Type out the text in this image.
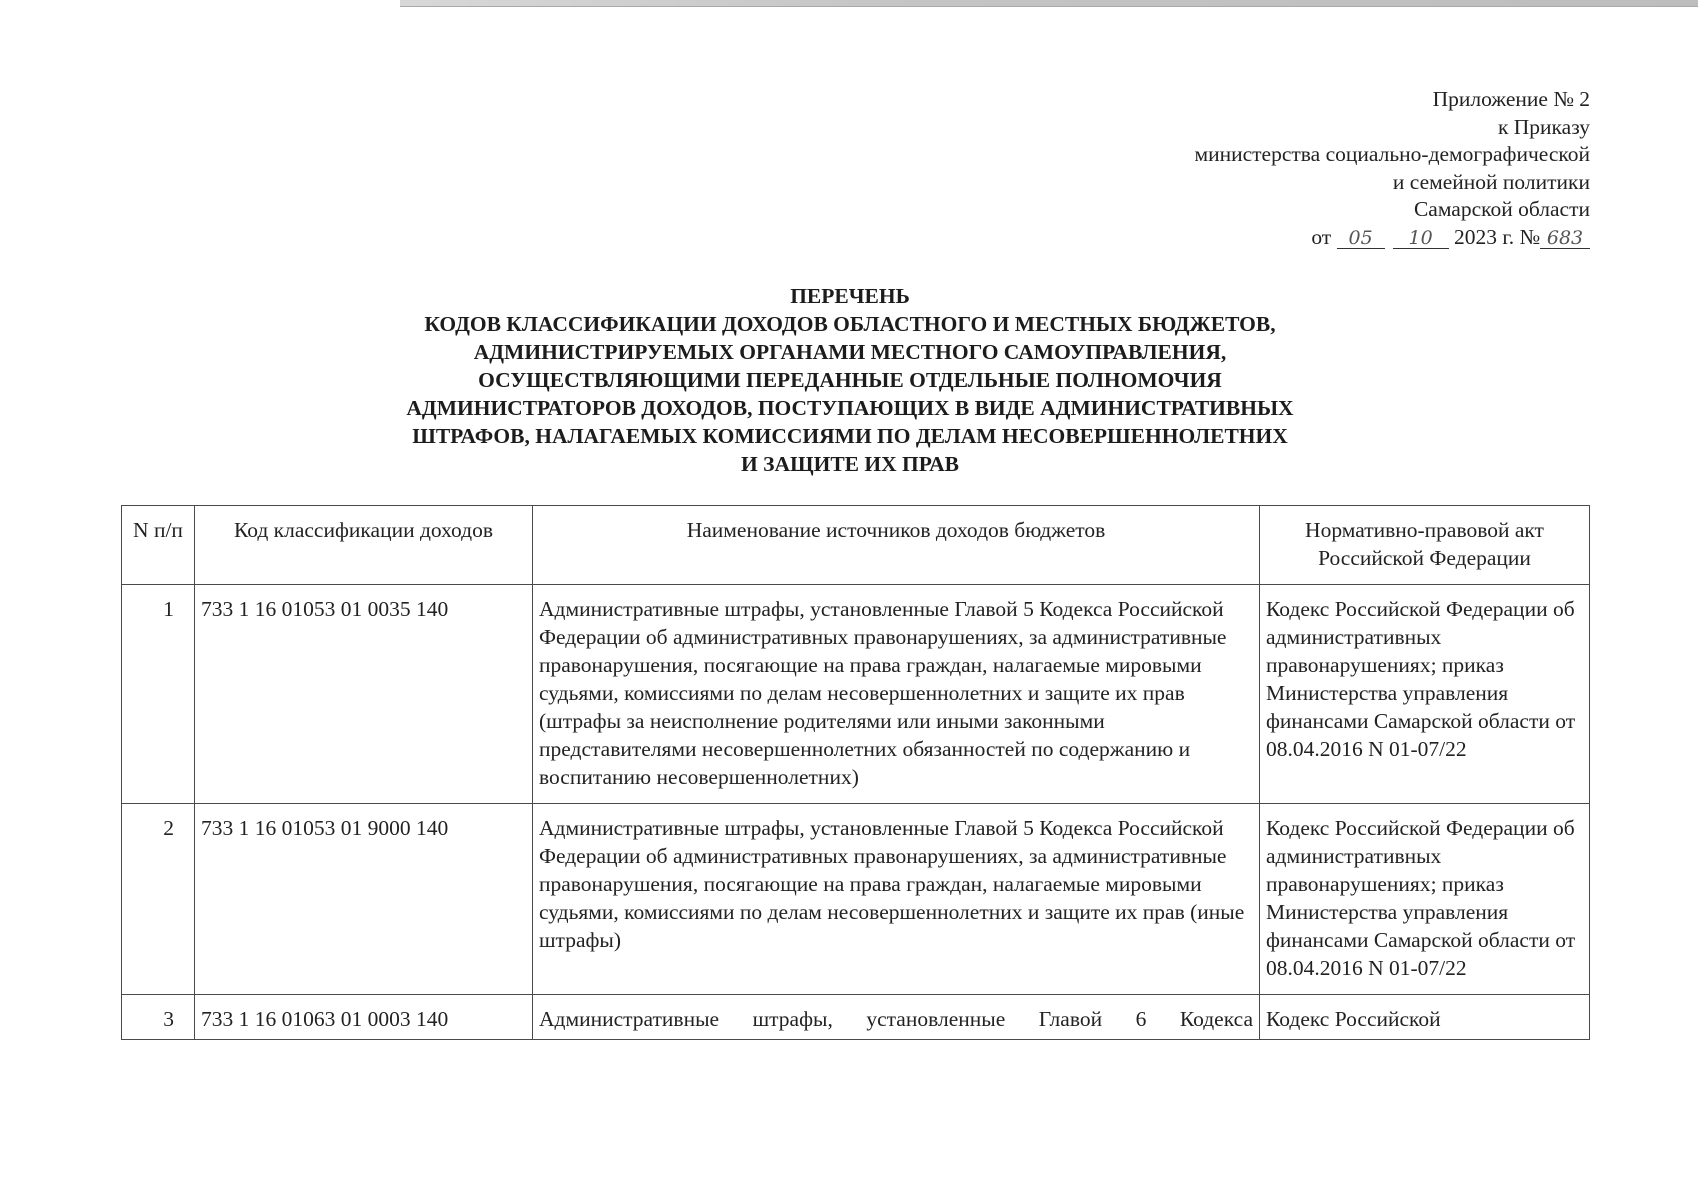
Приложение № 2
к Приказу
министерства социально-демографической
и семейной политики
Самарской области
от 05 10 2023 г. № 683
ПЕРЕЧЕНЬ
КОДОВ КЛАССИФИКАЦИИ ДОХОДОВ ОБЛАСТНОГО И МЕСТНЫХ БЮДЖЕТОВ,
АДМИНИСТРИРУЕМЫХ ОРГАНАМИ МЕСТНОГО САМОУПРАВЛЕНИЯ,
ОСУЩЕСТВЛЯЮЩИМИ ПЕРЕДАННЫЕ ОТДЕЛЬНЫЕ ПОЛНОМОЧИЯ
АДМИНИСТРАТОРОВ ДОХОДОВ, ПОСТУПАЮЩИХ В ВИДЕ АДМИНИСТРАТИВНЫХ
ШТРАФОВ, НАЛАГАЕМЫХ КОМИССИЯМИ ПО ДЕЛАМ НЕСОВЕРШЕННОЛЕТНИХ
И ЗАЩИТЕ ИХ ПРАВ
N п/п	Код классификации доходов	Наименование источников доходов бюджетов	Нормативно-правовой акт Российской Федерации
1	733 1 16 01053 01 0035 140	Административные штрафы, установленные Главой 5 Кодекса Российской Федерации об административных правонарушениях, за административные правонарушения, посягающие на права граждан, налагаемые мировыми судьями, комиссиями по делам несовершеннолетних и защите их прав (штрафы за неисполнение родителями или иными законными представителями несовершеннолетних обязанностей по содержанию и воспитанию несовершеннолетних)	Кодекс Российской Федерации об административных правонарушениях; приказ Министерства управления финансами Самарской области от 08.04.2016 N 01-07/22
2	733 1 16 01053 01 9000 140	Административные штрафы, установленные Главой 5 Кодекса Российской Федерации об административных правонарушениях, за административные правонарушения, посягающие на права граждан, налагаемые мировыми судьями, комиссиями по делам несовершеннолетних и защите их прав (иные штрафы)	Кодекс Российской Федерации об административных правонарушениях; приказ Министерства управления финансами Самарской области от 08.04.2016 N 01-07/22
3	733 1 16 01063 01 0003 140	Административные штрафы, установленные Главой 6 Кодекса	Кодекс Российской
